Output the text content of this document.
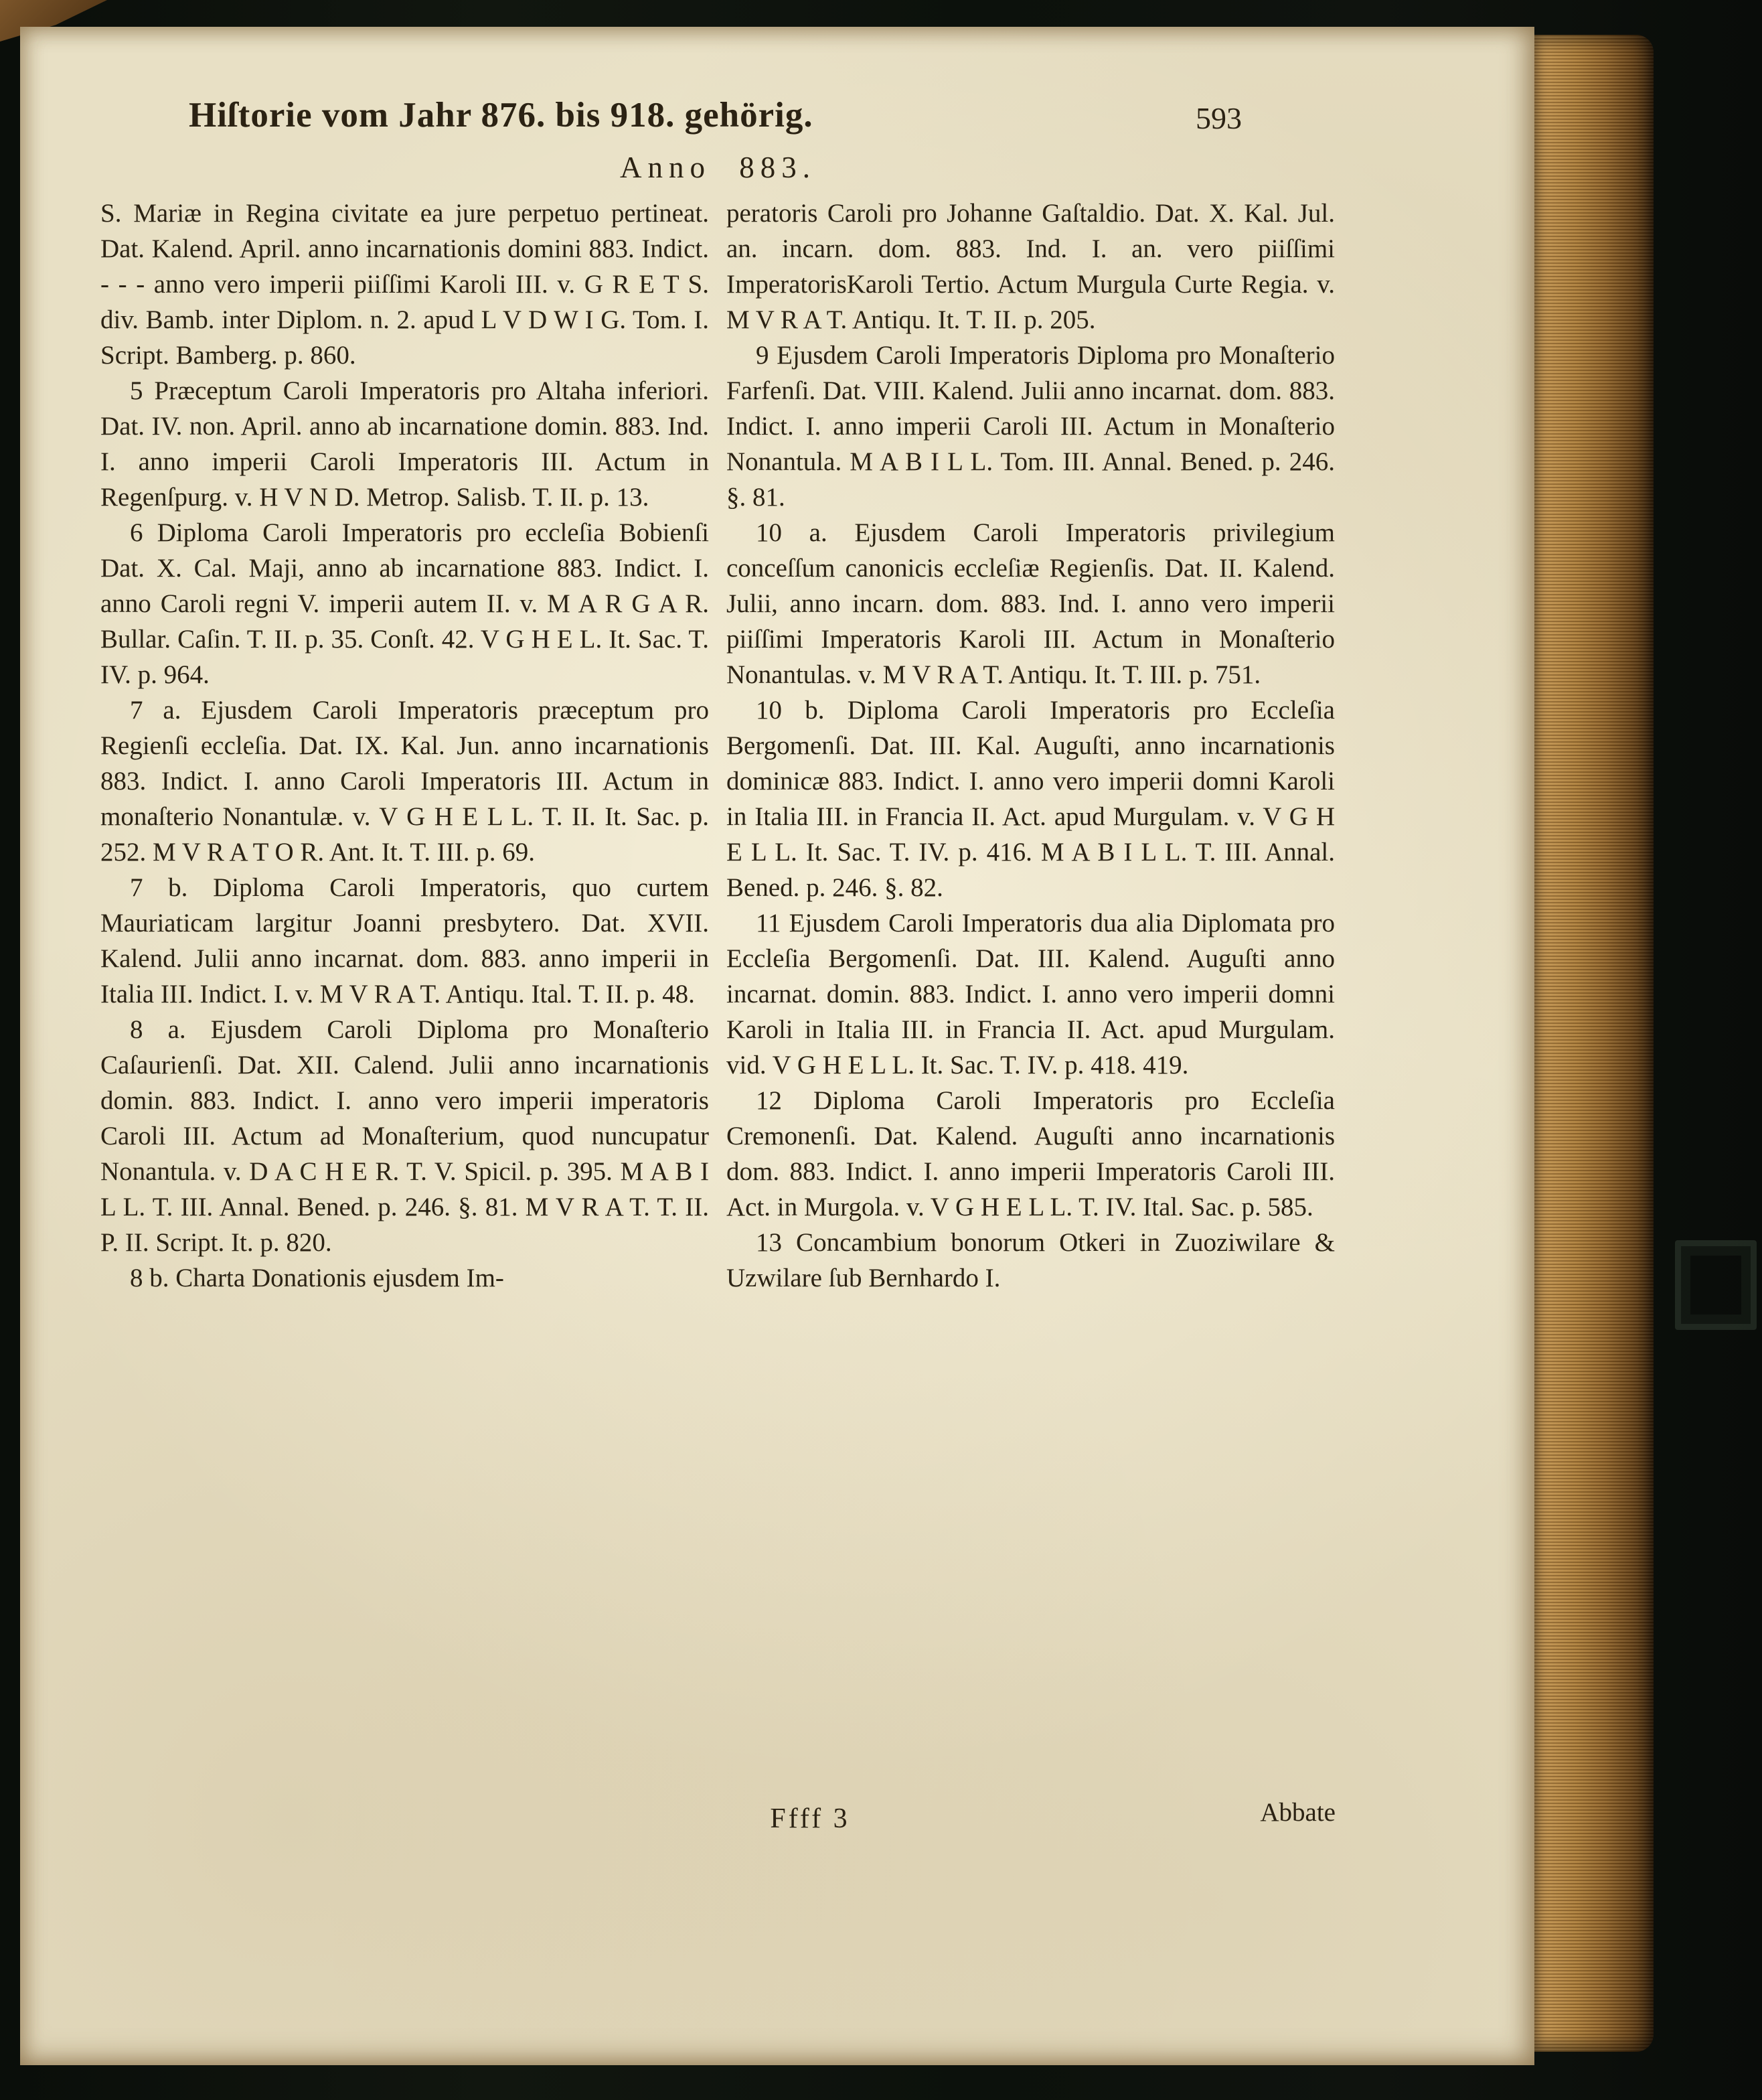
Hiſtorie vom Jahr 876. bis 918. gehörig.	593
Anno 883.

S. Mariæ in Regina civitate ea jure perpetuo pertineat. Dat. Kalend. April. anno incarnationis domini 883. Indict. - - - anno vero imperii piiſſimi Karoli III. v. G R E T S. div. Bamb. inter Diplom. n. 2. apud L V D W I G. Tom. I. Script. Bamberg. p. 860.

5 Præceptum Caroli Imperatoris pro Altaha inferiori. Dat. IV. non. April. anno ab incarnatione domin. 883. Ind. I. anno imperii Caroli Imperatoris III. Actum in Regenſpurg. v. H V N D. Metrop. Salisb. T. II. p. 13.

6 Diploma Caroli Imperatoris pro eccleſia Bobienſi Dat. X. Cal. Maji, anno ab incarnatione 883. Indict. I. anno Caroli regni V. imperii autem II. v. M A R G A R. Bullar. Caſin. T. II. p. 35. Conſt. 42. V G H E L. It. Sac. T. IV. p. 964.

7 a. Ejusdem Caroli Imperatoris præceptum pro Regienſi eccleſia. Dat. IX. Kal. Jun. anno incarnationis 883. Indict. I. anno Caroli Imperatoris III. Actum in monaſterio Nonantulæ. v. V G H E L L. T. II. It. Sac. p. 252. M V R A T O R. Ant. It. T. III. p. 69.

7 b. Diploma Caroli Imperatoris, quo curtem Mauriaticam largitur Joanni presbytero. Dat. XVII. Kalend. Julii anno incarnat. dom. 883. anno imperii in Italia III. Indict. I. v. M V R A T. Antiqu. Ital. T. II. p. 48.

8 a. Ejusdem Caroli Diploma pro Monaſterio Caſaurienſi. Dat. XII. Calend. Julii anno incarnationis domin. 883. Indict. I. anno vero imperii imperatoris Caroli III. Actum ad Monaſterium, quod nuncupatur Nonantula. v. D A C H E R. T. V. Spicil. p. 395. M A B I L L. T. III. Annal. Bened. p. 246. §. 81. M V R A T. T. II. P. II. Script. It. p. 820.

8 b. Charta Donationis ejusdem Im-

peratoris Caroli pro Johanne Gaſtaldio. Dat. X. Kal. Jul. an. incarn. dom. 883. Ind. I. an. vero piiſſimi ImperatorisKaroli Tertio. Actum Murgula Curte Regia. v. M V R A T. Antiqu. It. T. II. p. 205.

9 Ejusdem Caroli Imperatoris Diploma pro Monaſterio Farfenſi. Dat. VIII. Kalend. Julii anno incarnat. dom. 883. Indict. I. anno imperii Caroli III. Actum in Monaſterio Nonantula. M A B I L L. Tom. III. Annal. Bened. p. 246. §. 81.

10 a. Ejusdem Caroli Imperatoris privilegium conceſſum canonicis eccleſiæ Regienſis. Dat. II. Kalend. Julii, anno incarn. dom. 883. Ind. I. anno vero imperii piiſſimi Imperatoris Karoli III. Actum in Monaſterio Nonantulas. v. M V R A T. Antiqu. It. T. III. p. 751.

10 b. Diploma Caroli Imperatoris pro Eccleſia Bergomenſi. Dat. III. Kal. Auguſti, anno incarnationis dominicæ 883. Indict. I. anno vero imperii domni Karoli in Italia III. in Francia II. Act. apud Murgulam. v. V G H E L L. It. Sac. T. IV. p. 416. M A B I L L. T. III. Annal. Bened. p. 246. §. 82.

11 Ejusdem Caroli Imperatoris dua alia Diplomata pro Eccleſia Bergomenſi. Dat. III. Kalend. Auguſti anno incarnat. domin. 883. Indict. I. anno vero imperii domni Karoli in Italia III. in Francia II. Act. apud Murgulam. vid. V G H E L L. It. Sac. T. IV. p. 418. 419.

12 Diploma Caroli Imperatoris pro Eccleſia Cremonenſi. Dat. Kalend. Auguſti anno incarnationis dom. 883. Indict. I. anno imperii Imperatoris Caroli III. Act. in Murgola. v. V G H E L L. T. IV. Ital. Sac. p. 585.

13 Concambium bonorum Otkeri in Zuoziwilare & Uzwilare ſub Bernhardo I.

Ffff 3	Abbate
